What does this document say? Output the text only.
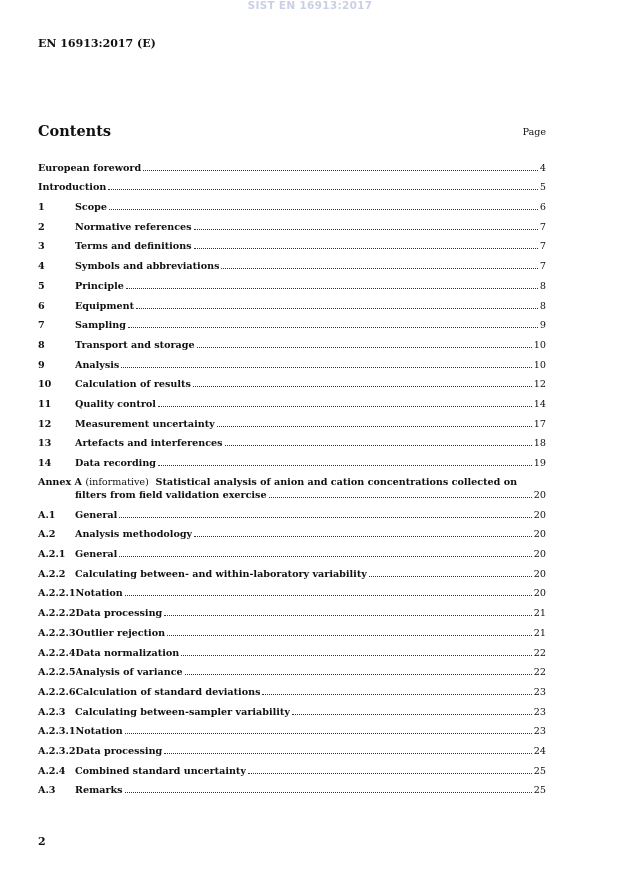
SIST EN 16913:2017
EN 16913:2017 (E)
Contents	Page
European foreword	4
Introduction	5
1	Scope	6
2	Normative references	7
3	Terms and definitions	7
4	Symbols and abbreviations	7
5	Principle	8
6	Equipment	8
7	Sampling	9
8	Transport and storage	10
9	Analysis	10
10	Calculation of results	12
11	Quality control	14
12	Measurement uncertainty	17
13	Artefacts and interferences	18
14	Data recording	19
Annex A
(informative)
Statistical analysis of anion and cation concentrations collected on
filters from field validation exercise	20
A.1	General	20
A.2	Analysis methodology	20
A.2.1 General	20
A.2.2 Calculating between- and within-laboratory variability	20
A.2.2.1 Notation	20
A.2.2.2 Data processing	21
A.2.2.3 Outlier rejection	21
A.2.2.4 Data normalization	22
A.2.2.5 Analysis of variance	22
A.2.2.6 Calculation of standard deviations	23
A.2.3 Calculating between-sampler variability	23
A.2.3.1 Notation	23
A.2.3.2 Data processing	24
A.2.4 Combined standard uncertainty	25
A.3	Remarks	25
2
